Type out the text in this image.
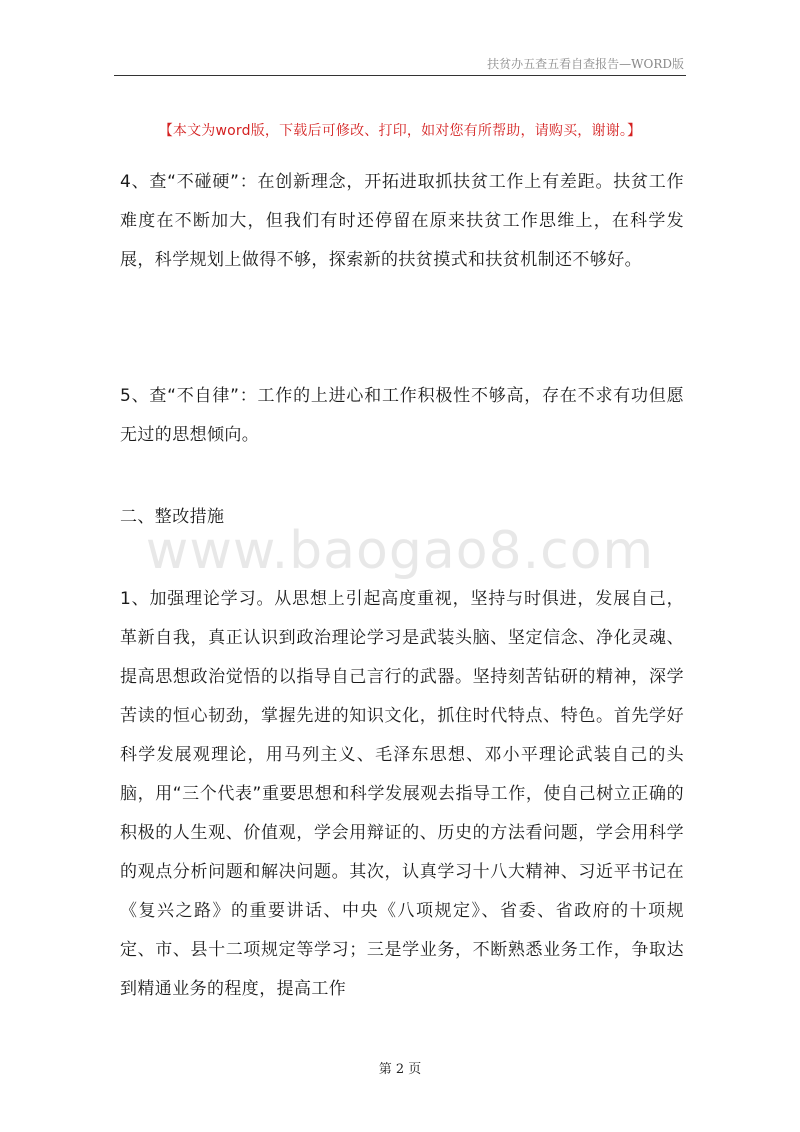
扶贫办五查五看自查报告—WORD版
【本文为word版，下载后可修改、打印，如对您有所帮助，请购买，谢谢。】
4、查“不碰硬”：在创新理念，开拓进取抓扶贫工作上有差距。扶贫工作难度在不断加大，但我们有时还停留在原来扶贫工作思维上，在科学发展，科学规划上做得不够，探索新的扶贫摸式和扶贫机制还不够好。
5、查“不自律”：工作的上进心和工作积极性不够高，存在不求有功但愿无过的思想倾向。
二、整改措施
1、加强理论学习。从思想上引起高度重视，坚持与时俱进，发展自己，革新自我，真正认识到政治理论学习是武装头脑、坚定信念、净化灵魂、提高思想政治觉悟的以指导自己言行的武器。坚持刻苦钻研的精神，深学苦读的恒心韧劲，掌握先进的知识文化，抓住时代特点、特色。首先学好科学发展观理论，用马列主义、毛泽东思想、邓小平理论武装自己的头脑，用“三个代表”重要思想和科学发展观去指导工作，使自己树立正确的积极的人生观、价值观，学会用辩证的、历史的方法看问题，学会用科学的观点分析问题和解决问题。其次，认真学习十八大精神、习近平书记在《复兴之路》的重要讲话、中央《八项规定》、省委、省政府的十项规定、市、县十二项规定等学习；三是学业务，不断熟悉业务工作，争取达到精通业务的程度，提高工作
www.baogao8.com
第 2 页
